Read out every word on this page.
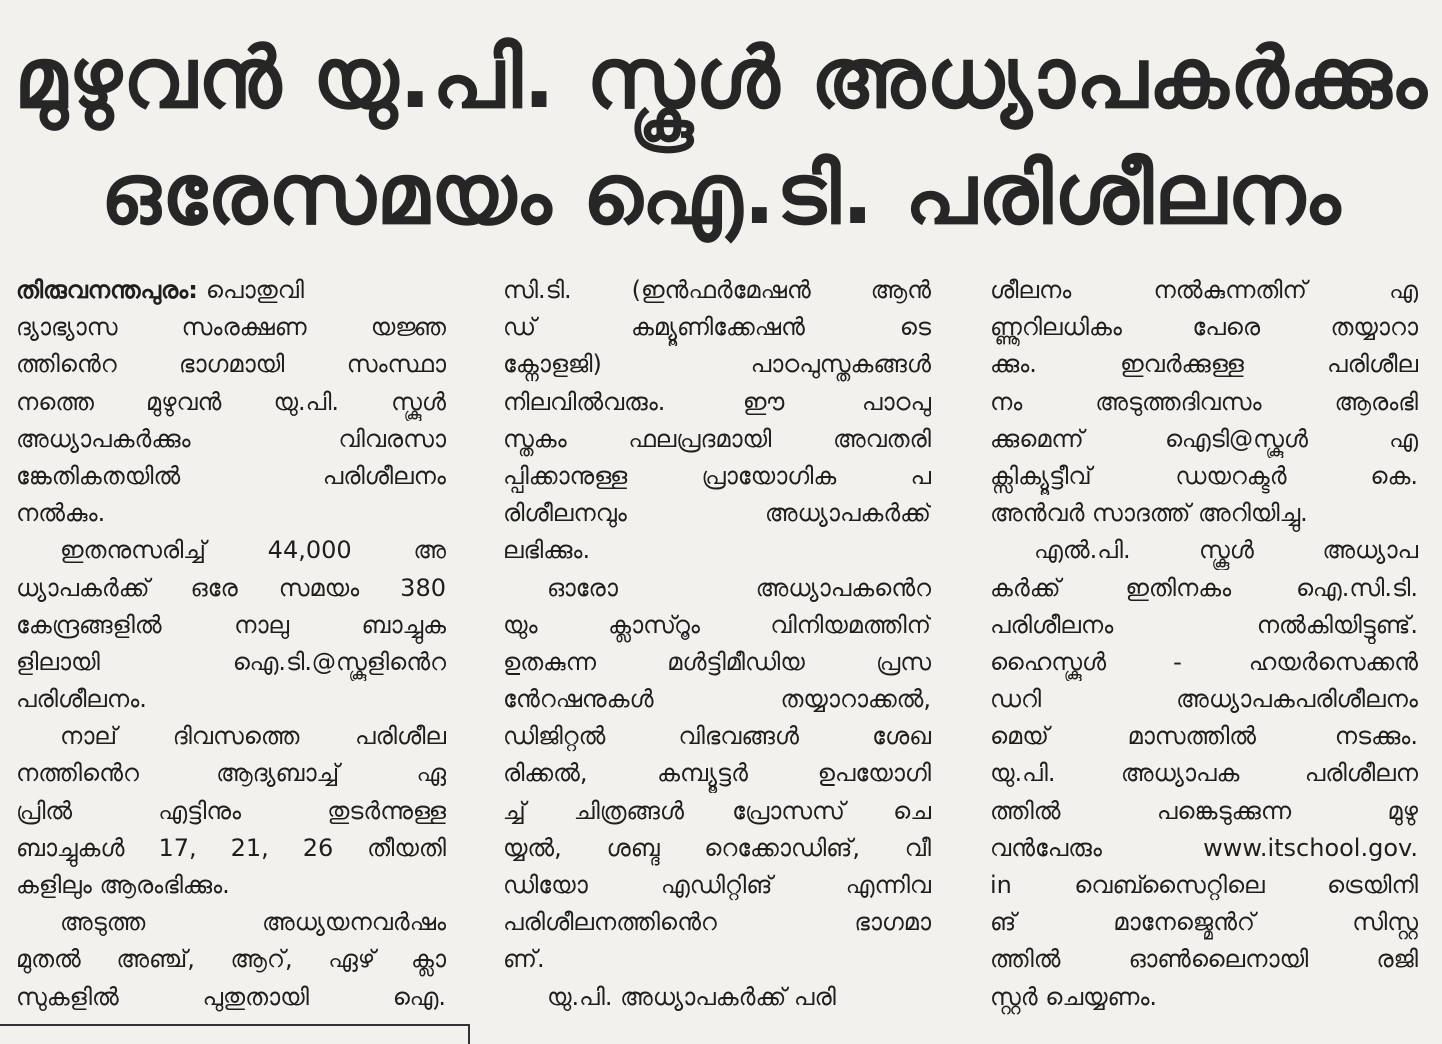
മുഴുവൻ യു.പി. സ്കൂൾ അധ്യാപകർക്കും
ഒരേസമയം ഐ.ടി. പരിശീലനം
തിരുവനന്തപുരം: പൊതുവി
ദ്യാഭ്യാസ സംരക്ഷണ യജ്ഞ
ത്തിൻെറ ഭാഗമായി സംസ്ഥാ
നത്തെ മുഴുവൻ യു.പി. സ്കൂൾ
അധ്യാപകർക്കും വിവരസാ
ങ്കേതികതയിൽ പരിശീലനം
നൽകും.
ഇതനുസരിച്ച് 44,000 അ
ധ്യാപകർക്ക് ഒരേ സമയം 380
കേന്ദ്രങ്ങളിൽ നാലു ബാച്ചുക
ളിലായി ഐ.ടി.@സ്കൂളിൻെറ
പരിശീലനം.
നാല് ദിവസത്തെ പരിശീല
നത്തിൻെറ ആദ്യബാച്ച് ഏ
പ്രിൽ എട്ടിനും തുടർന്നുള്ള
ബാച്ചുകൾ 17, 21, 26 തീയതി
കളിലും ആരംഭിക്കും.
അടുത്ത അധ്യയനവർഷം
മുതൽ അഞ്ച്, ആറ്, ഏഴ് ക്ലാ
സുകളിൽ പുതുതായി ഐ.
സി.ടി. (ഇൻഫർമേഷൻ ആൻ
ഡ് കമ്യൂണിക്കേഷൻ ടെ
ക്നോളജി) പാഠപുസ്തകങ്ങൾ
നിലവിൽവരും. ഈ പാഠപു
സ്തകം ഫലപ്രദമായി അവതരി
പ്പിക്കാനുള്ള പ്രായോഗിക പ
രിശീലനവും അധ്യാപകർക്ക്
ലഭിക്കും.
ഓരോ അധ്യാപകൻെറ
യും ക്ലാസ്റൂം വിനിയമത്തിന്
ഉതകുന്ന മൾട്ടിമീഡിയ പ്രസ
ൻേറഷനുകൾ തയ്യാറാക്കൽ,
ഡിജിറ്റൽ വിഭവങ്ങൾ ശേഖ
രിക്കൽ, കമ്പ്യൂട്ടർ ഉപയോഗി
ച്ച് ചിത്രങ്ങൾ പ്രോസസ് ചെ
യ്യൽ, ശബ്ദ റെക്കോഡിങ്, വീ
ഡിയോ എഡിറ്റിങ് എന്നിവ
പരിശീലനത്തിൻെറ ഭാഗമാ
ണ്.
യു.പി. അധ്യാപകർക്ക് പരി
ശീലനം നൽകുന്നതിന് എ
ണ്ണൂറിലധികം പേരെ തയ്യാറാ
ക്കും. ഇവർക്കുള്ള പരിശീല
നം അടുത്തദിവസം ആരംഭി
ക്കുമെന്ന് ഐടി@സ്കൂൾ എ
ക്സിക്യൂട്ടീവ് ഡയറക്ടർ കെ.
അൻവർ സാദത്ത് അറിയിച്ചു.
എൽ.പി. സ്കൂൾ അധ്യാപ
കർക്ക് ഇതിനകം ഐ.സി.ടി.
പരിശീലനം നൽകിയിട്ടുണ്ട്.
ഹൈസ്കൂൾ - ഹയർസെക്കൻ
ഡറി അധ്യാപകപരിശീലനം
മെയ് മാസത്തിൽ നടക്കും.
യു.പി. അധ്യാപക പരിശീലന
ത്തിൽ പങ്കെടുക്കുന്ന മുഴു
വൻപേരും www.itschool.gov.
in വെബ്സൈറ്റിലെ ട്രെയിനി
ങ് മാനേജ്മെൻറ് സിസ്റ്റ
ത്തിൽ ഓൺലൈനായി രജി
സ്റ്റർ ചെയ്യണം.
